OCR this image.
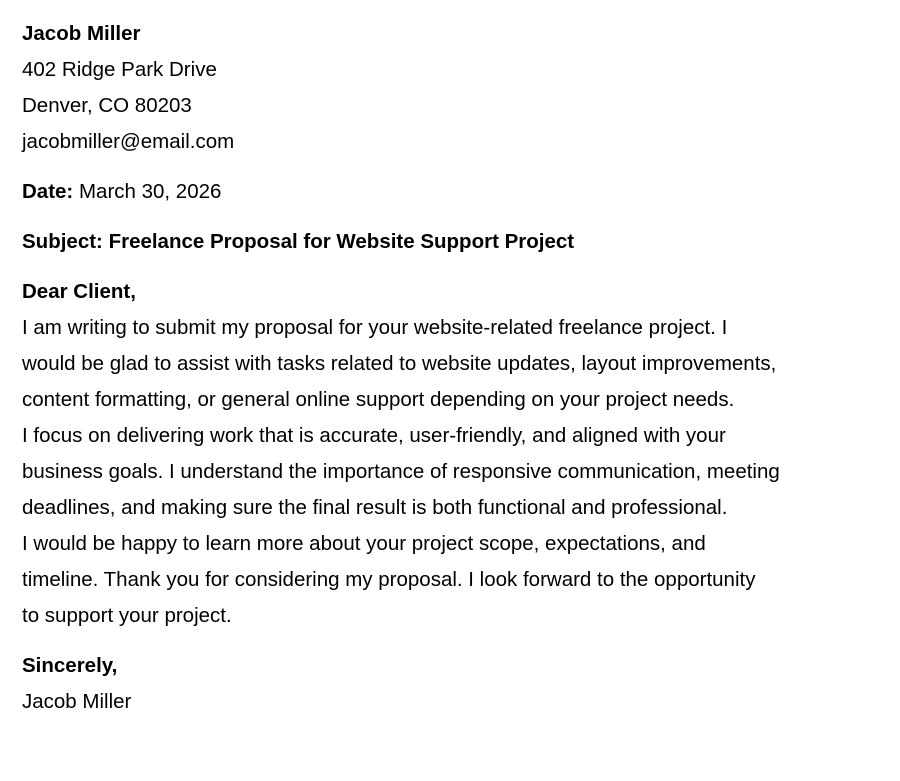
Jacob Miller

402 Ridge Park Drive

Denver, CO 80203

jacobmiller@email.com

Date: March 30, 2026

Subject: Freelance Proposal for Website Support Project

Dear Client,

I am writing to submit my proposal for your website-related freelance project. I

would be glad to assist with tasks related to website updates, layout improvements,

content formatting, or general online support depending on your project needs.

I focus on delivering work that is accurate, user-friendly, and aligned with your

business goals. I understand the importance of responsive communication, meeting

deadlines, and making sure the final result is both functional and professional.

I would be happy to learn more about your project scope, expectations, and

timeline. Thank you for considering my proposal. I look forward to the opportunity

to support your project.

Sincerely,

Jacob Miller
